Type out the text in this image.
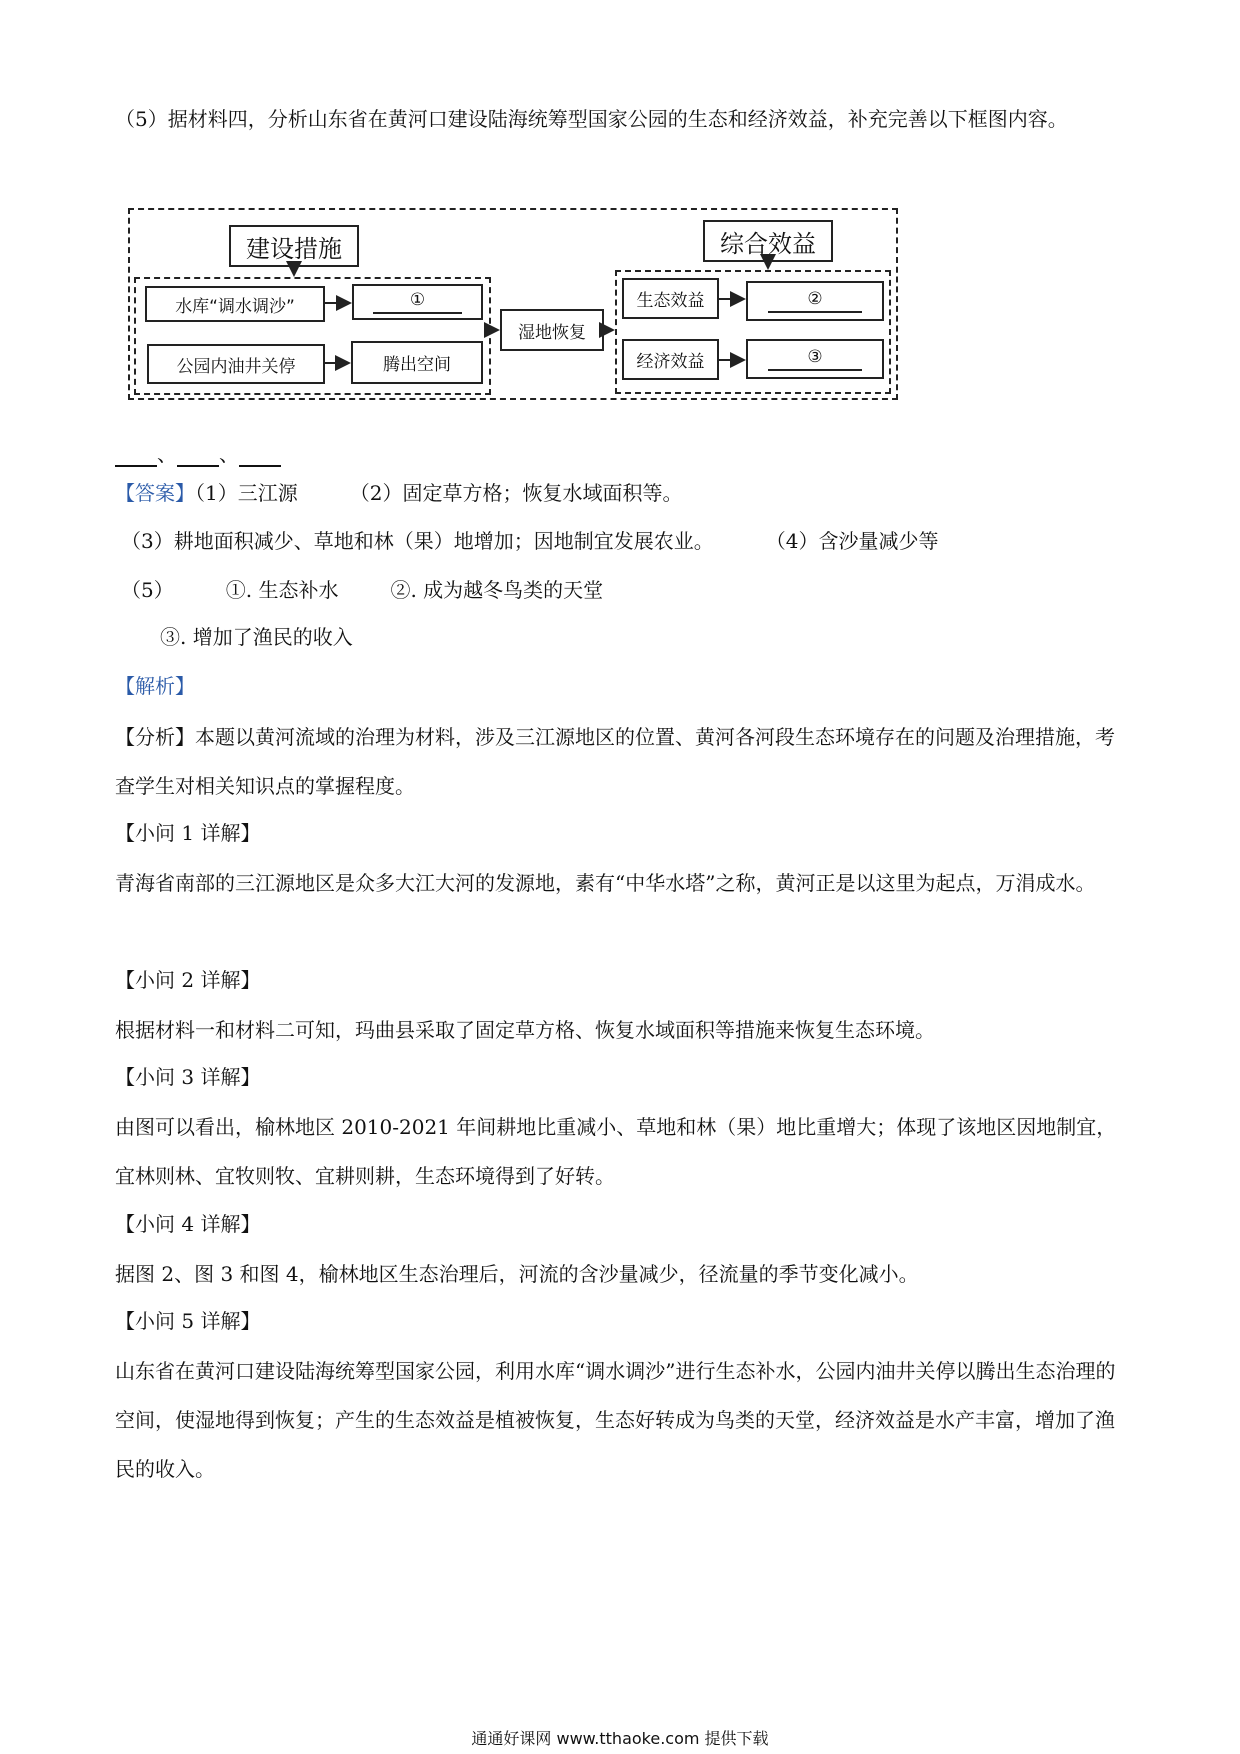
（5）据材料四，分析山东省在黄河口建设陆海统筹型国家公园的生态和经济效益，补充完善以下框图内容。

建设措施	综合效益
水库“调水调沙”	①
公园内油井关停	腾出空间
湿地恢复
生态效益	②
经济效益	③
、 、
【答案】（1）三江源	（2）固定草方格；恢复水域面积等。
（3）耕地面积减少、草地和林（果）地增加；因地制宜发展农业。	（4）含沙量减少等
（5）	①. 生态补水	②. 成为越冬鸟类的天堂
③. 增加了渔民的收入
【解析】

【分析】本题以黄河流域的治理为材料，涉及三江源地区的位置、黄河各河段生态环境存在的问题及治理措施，考查学生对相关知识点的掌握程度。

【小问 1 详解】

青海省南部的三江源地区是众多大江大河的发源地，素有“中华水塔”之称，黄河正是以这里为起点，万涓成水。

【小问 2 详解】

根据材料一和材料二可知，玛曲县采取了固定草方格、恢复水域面积等措施来恢复生态环境。

【小问 3 详解】

由图可以看出，榆林地区 2010-2021 年间耕地比重减小、草地和林（果）地比重增大；体现了该地区因地制宜，宜林则林、宜牧则牧、宜耕则耕，生态环境得到了好转。

【小问 4 详解】

据图 2、图 3 和图 4，榆林地区生态治理后，河流的含沙量减少，径流量的季节变化减小。

【小问 5 详解】

山东省在黄河口建设陆海统筹型国家公园，利用水库“调水调沙”进行生态补水，公园内油井关停以腾出生态治理的空间，使湿地得到恢复；产生的生态效益是植被恢复，生态好转成为鸟类的天堂，经济效益是水产丰富，增加了渔民的收入。

通通好课网 www.tthaoke.com 提供下载
